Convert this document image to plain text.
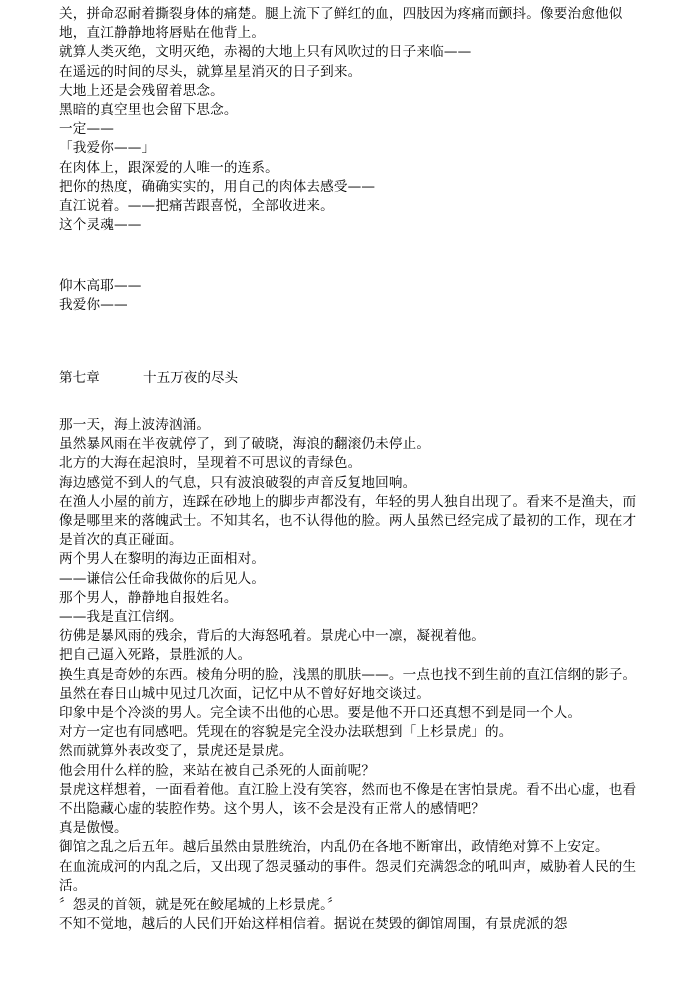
关，拼命忍耐着撕裂身体的痛楚。腿上流下了鲜红的血，四肢因为疼痛而颤抖。像要治愈他似地，直江静静地将唇贴在他背上。

就算人类灭绝，文明灭绝，赤褐的大地上只有风吹过的日子来临——

在遥远的时间的尽头，就算星星消灭的日子到来。

大地上还是会残留着思念。

黑暗的真空里也会留下思念。

一定——

「我爱你——」

在肉体上，跟深爱的人唯一的连系。

把你的热度，确确实实的，用自己的肉体去感受——

直江说着。——把痛苦跟喜悦，全部收进来。

这个灵魂——

仰木高耶——

我爱你——

第七章	十五万夜的尽头

那一天，海上波涛汹涌。

虽然暴风雨在半夜就停了，到了破晓，海浪的翻滚仍未停止。

北方的大海在起浪时，呈现着不可思议的青绿色。

海边感觉不到人的气息，只有波浪破裂的声音反复地回响。

在渔人小屋的前方，连踩在砂地上的脚步声都没有，年轻的男人独自出现了。看来不是渔夫，而像是哪里来的落魄武士。不知其名，也不认得他的脸。两人虽然已经完成了最初的工作，现在才是首次的真正碰面。

两个男人在黎明的海边正面相对。

——谦信公任命我做你的后见人。

那个男人，静静地自报姓名。

——我是直江信纲。

彷佛是暴风雨的残余，背后的大海怒吼着。景虎心中一凛，凝视着他。

把自己逼入死路，景胜派的人。

换生真是奇妙的东西。棱角分明的脸，浅黑的肌肤——。一点也找不到生前的直江信纲的影子。虽然在春日山城中见过几次面，记忆中从不曾好好地交谈过。

印象中是个冷淡的男人。完全读不出他的心思。要是他不开口还真想不到是同一个人。

对方一定也有同感吧。凭现在的容貌是完全没办法联想到「上杉景虎」的。

然而就算外表改变了，景虎还是景虎。

他会用什么样的脸，来站在被自己杀死的人面前呢？

景虎这样想着，一面看着他。直江脸上没有笑容，然而也不像是在害怕景虎。看不出心虚，也看不出隐藏心虚的装腔作势。这个男人，该不会是没有正常人的感情吧？

真是傲慢。

御馆之乱之后五年。越后虽然由景胜统治，内乱仍在各地不断窜出，政情绝对算不上安定。

在血流成河的内乱之后，又出现了怨灵骚动的事件。怨灵们充满怨念的吼叫声，威胁着人民的生活。

〞怨灵的首领，就是死在鲛尾城的上杉景虎。〞

不知不觉地，越后的人民们开始这样相信着。据说在焚毁的御馆周围，有景虎派的怨
